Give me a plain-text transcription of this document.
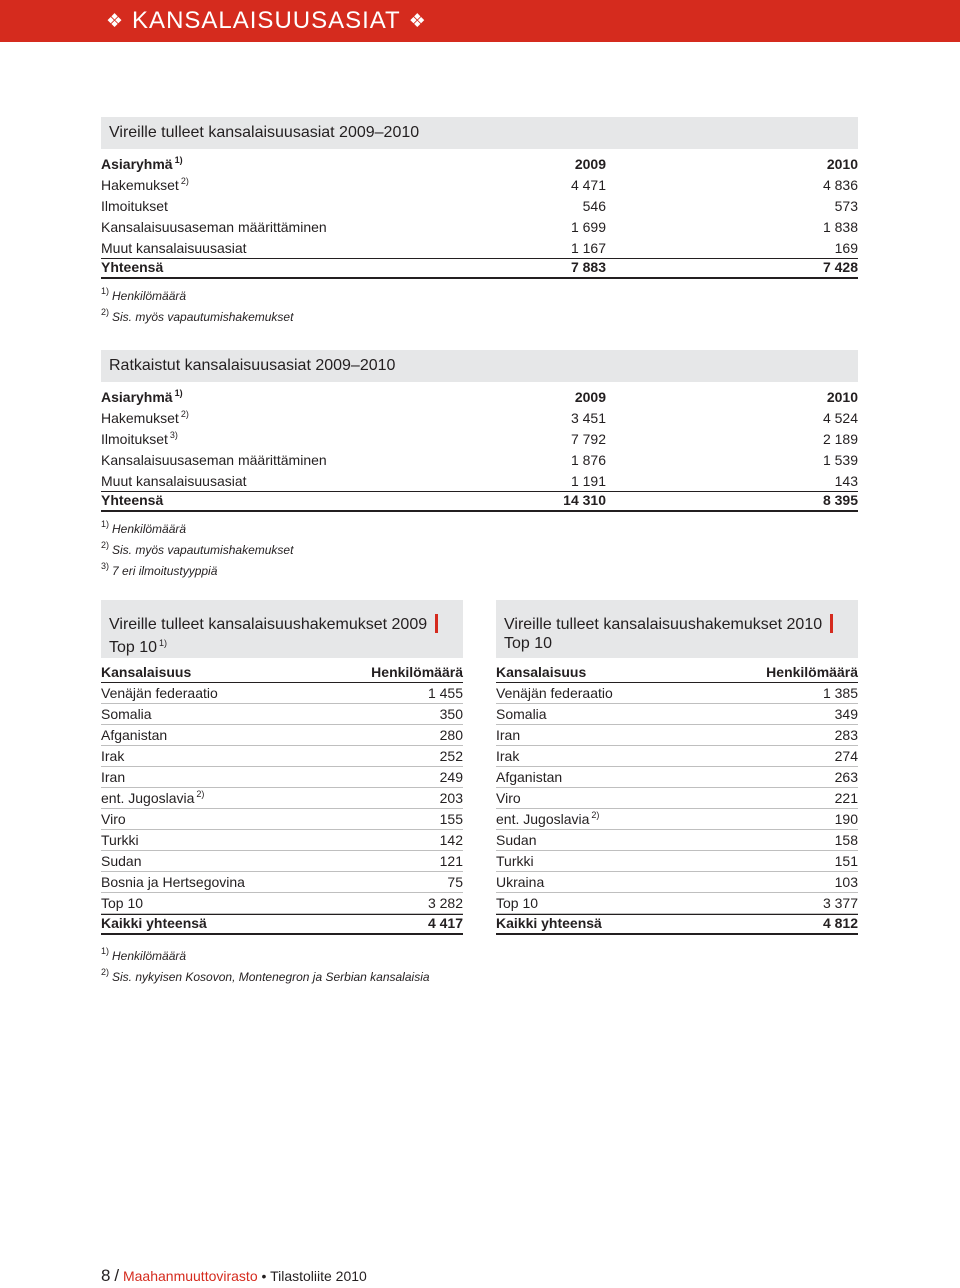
❖ KANSALAISUUSASIAT ❖
Vireille tulleet kansalaisuusasiat 2009–2010
Asiaryhmä $^{1)}$	2009	2010
Hakemukset $^{2)}$	4 471	4 836
Ilmoitukset	546	573
Kansalaisuusaseman määrittäminen	1 699	1 838
Muut kansalaisuusasiat	1 167	169
Yhteensä	7 883	7 428
$^{1)}$ Henkilömäärä
$^{2)}$ Sis. myös vapautumishakemukset
Ratkaistut kansalaisuusasiat 2009–2010
Asiaryhmä $^{1)}$	2009	2010
Hakemukset $^{2)}$	3 451	4 524
Ilmoitukset $^{3)}$	7 792	2 189
Kansalaisuusaseman määrittäminen	1 876	1 539
Muut kansalaisuusasiat	1 191	143
Yhteensä	14 310	8 395
$^{1)}$ Henkilömäärä
$^{2)}$ Sis. myös vapautumishakemukset
$^{3)}$ 7 eri ilmoitustyyppiä
Vireille tulleet kansalaisuushakemukset 2009
Top 10 $^{1)}$
Kansalaisuus	Henkilömäärä
Venäjän federaatio	1 455
Somalia	350
Afganistan	280
Irak	252
Iran	249
ent. Jugoslavia $^{2)}$	203
Viro	155
Turkki	142
Sudan	121
Bosnia ja Hertsegovina	75
Top 10	3 282
Kaikki yhteensä	4 417
$^{1)}$ Henkilömäärä
$^{2)}$ Sis. nykyisen Kosovon, Montenegron ja Serbian kansalaisia
Vireille tulleet kansalaisuushakemukset 2010
Top 10
Kansalaisuus	Henkilömäärä
Venäjän federaatio	1 385
Somalia	349
Iran	283
Irak	274
Afganistan	263
Viro	221
ent. Jugoslavia $^{2)}$	190
Sudan	158
Turkki	151
Ukraina	103
Top 10	3 377
Kaikki yhteensä	4 812
8 / Maahanmuuttovirasto • Tilastoliite 2010
